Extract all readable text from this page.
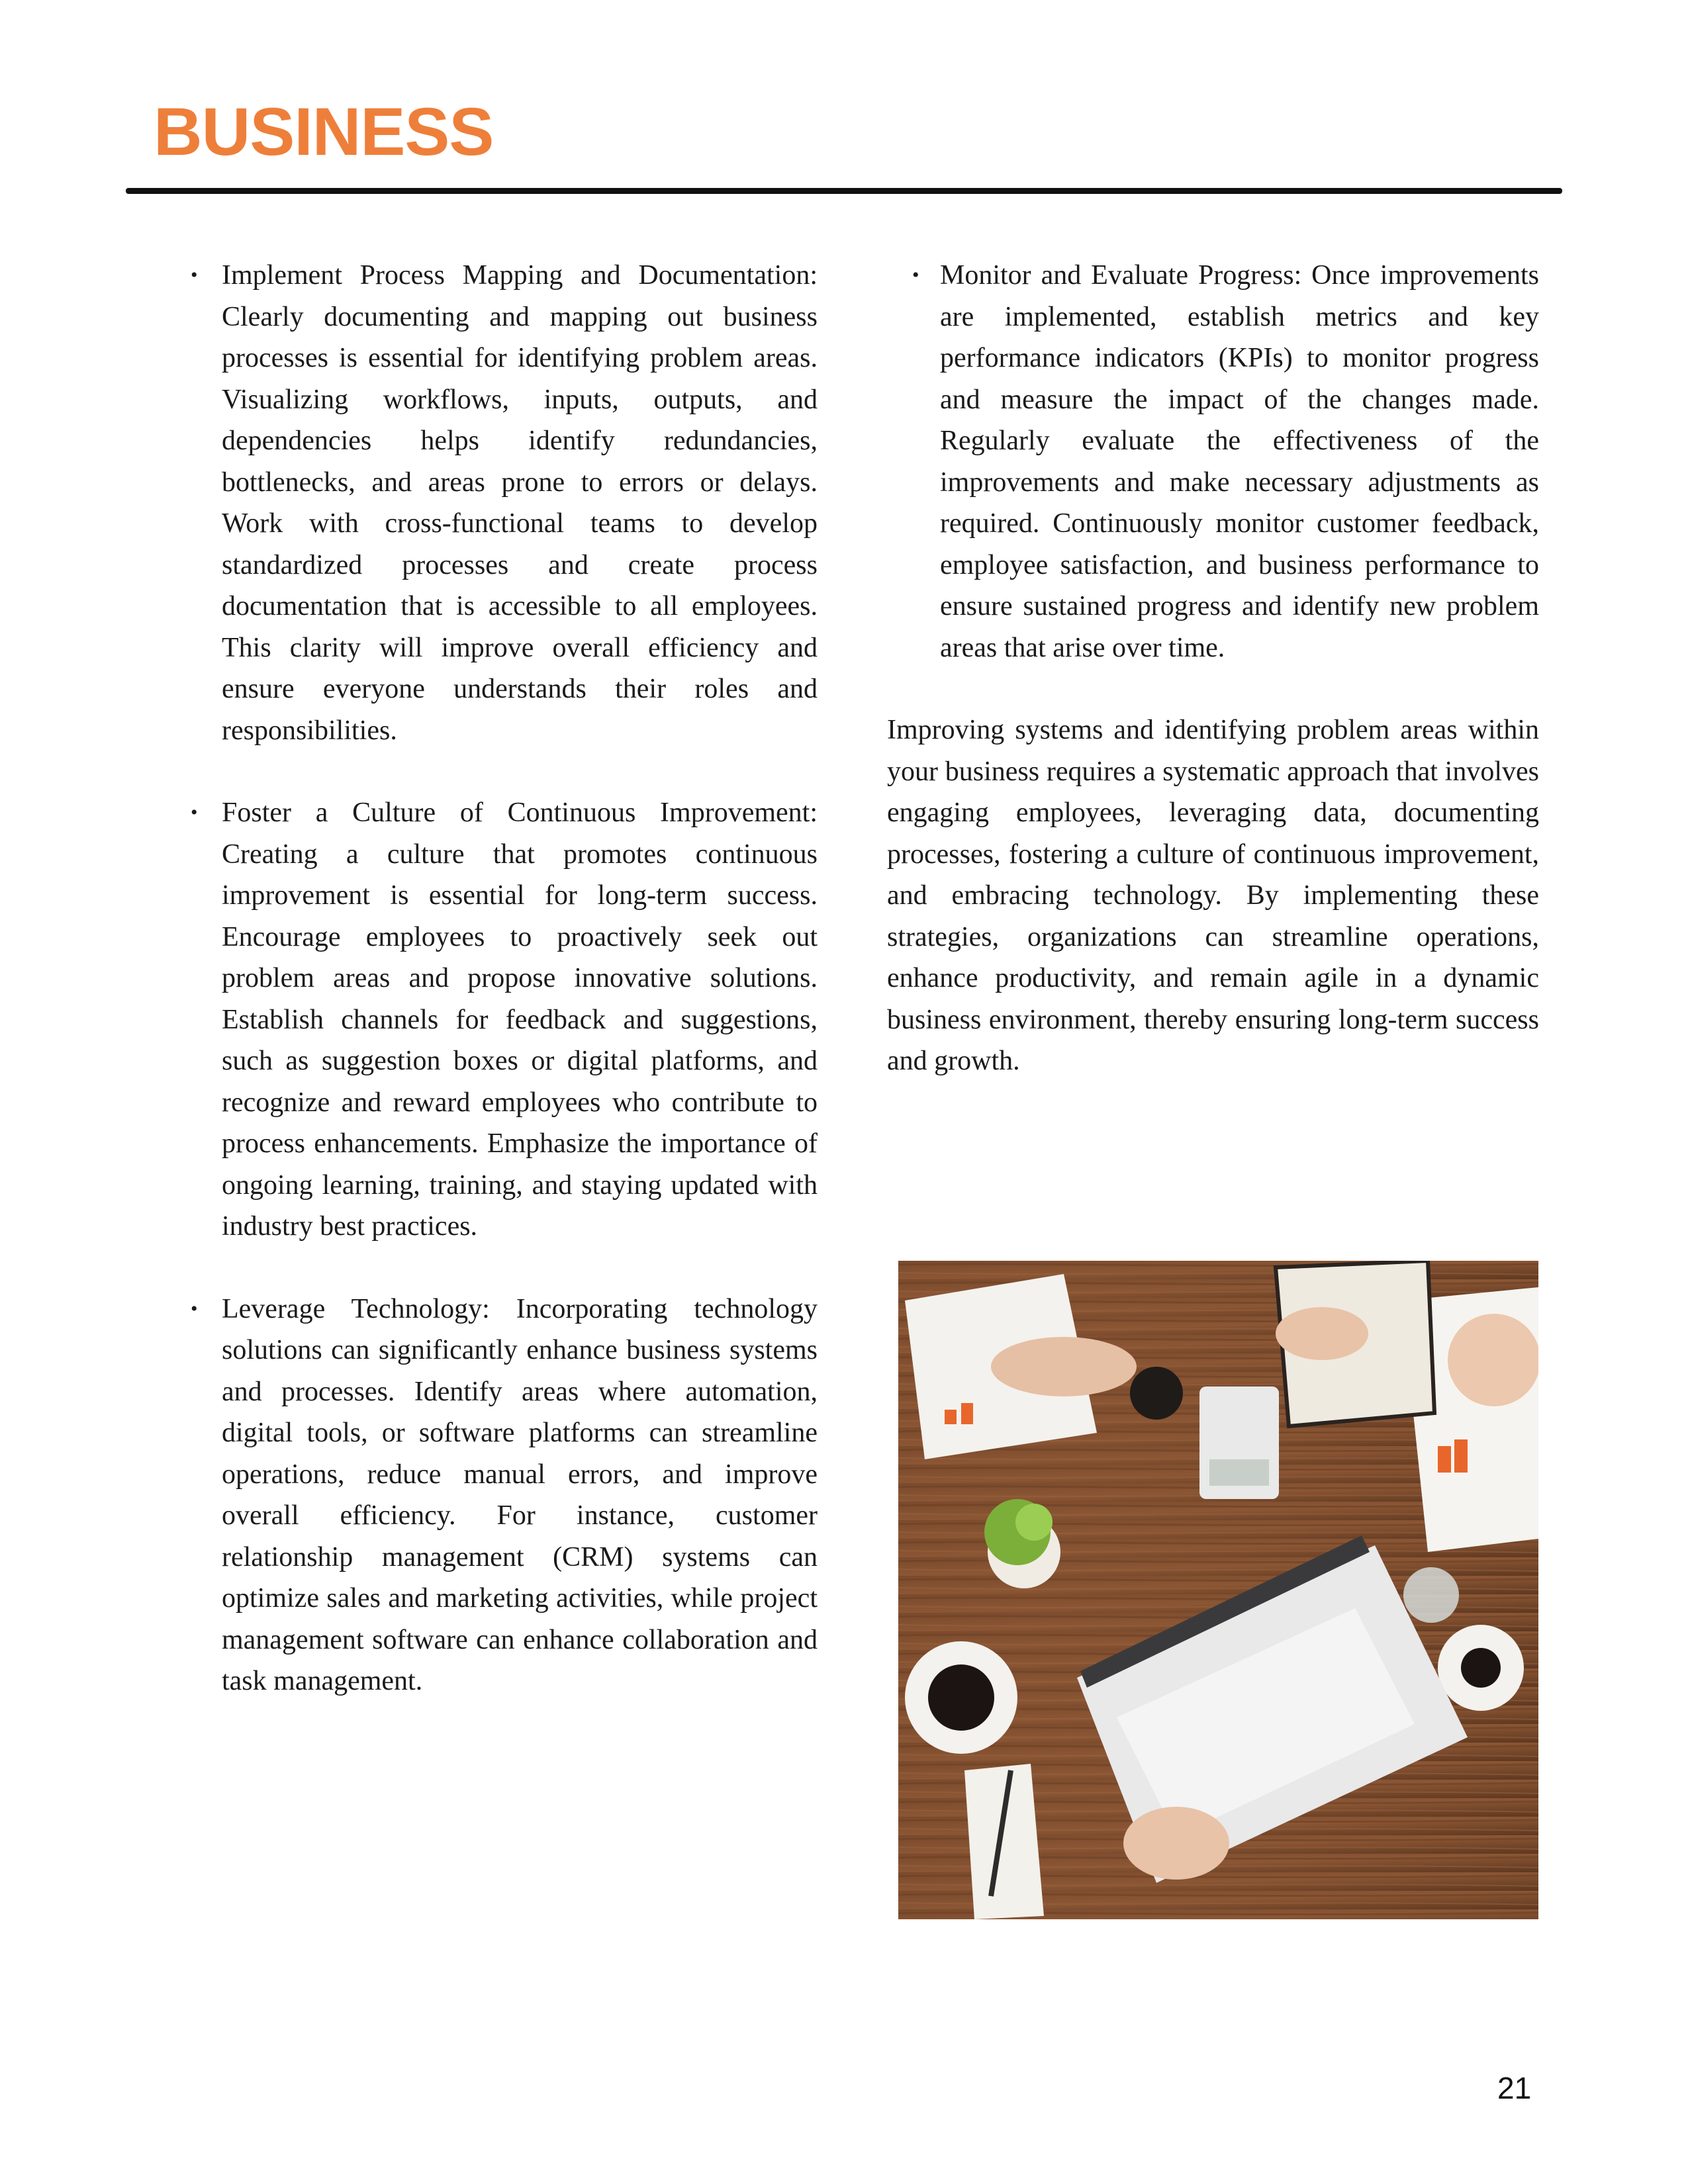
BUSINESS
• Implement Process Mapping and Documentation: Clearly documenting and mapping out business processes is essential for identifying problem areas. Visualizing workflows, inputs, outputs, and dependencies helps identify redundancies, bottlenecks, and areas prone to errors or delays. Work with cross-functional teams to develop standardized processes and create process documentation that is accessible to all employees. This clarity will improve overall efficiency and ensure everyone understands their roles and responsibilities.
• Foster a Culture of Continuous Improvement: Creating a culture that promotes continuous improvement is essential for long-term success. Encourage employees to proactively seek out problem areas and propose innovative solutions. Establish channels for feedback and suggestions, such as suggestion boxes or digital platforms, and recognize and reward employees who contribute to process enhancements. Emphasize the importance of ongoing learning, training, and staying updated with industry best practices.
• Leverage Technology: Incorporating technology solutions can significantly enhance business systems and processes. Identify areas where automation, digital tools, or software platforms can streamline operations, reduce manual errors, and improve overall efficiency. For instance, customer relationship management (CRM) systems can optimize sales and marketing activities, while project management software can enhance collaboration and task management.
• Monitor and Evaluate Progress: Once improvements are implemented, establish metrics and key performance indicators (KPIs) to monitor progress and measure the impact of the changes made. Regularly evaluate the effectiveness of the improvements and make necessary adjustments as required. Continuously monitor customer feedback, employee satisfaction, and business performance to ensure sustained progress and identify new problem areas that arise over time.

Improving systems and identifying problem areas within your business requires a systematic approach that involves engaging employees, leveraging data, documenting processes, fostering a culture of continuous improvement, and embracing technology. By implementing these strategies, organizations can streamline operations, enhance productivity, and remain agile in a dynamic business environment, thereby ensuring long-term success and growth.

21
